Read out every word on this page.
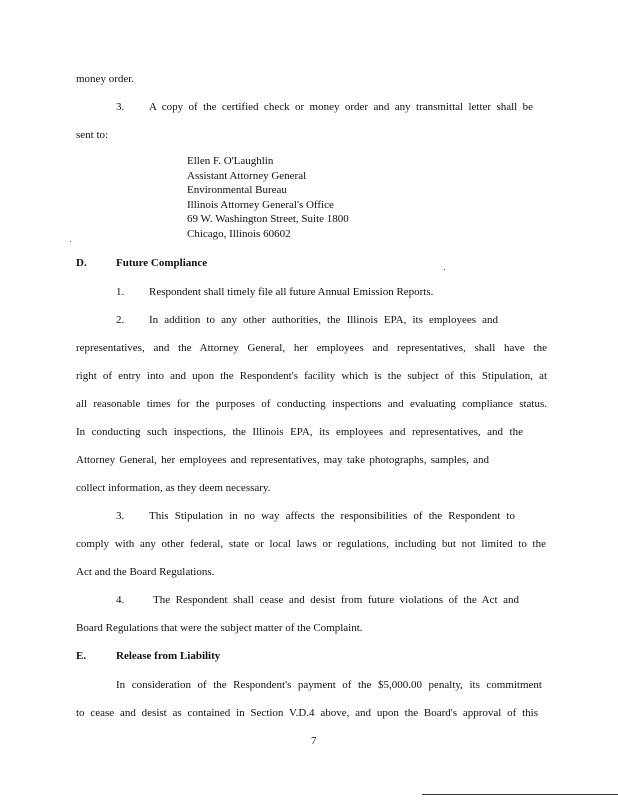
money order.
3. A copy of the certified check or money order and any transmittal letter shall be
sent to:
Ellen F. O'Laughlin
Assistant Attorney General
Environmental Bureau
Illinois Attorney General's Office
69 W. Washington Street, Suite 1800
Chicago, Illinois 60602
D.	Future Compliance
1. Respondent shall timely file all future Annual Emission Reports.
2. In addition to any other authorities, the Illinois EPA, its employees and
representatives, and the Attorney General, her employees and representatives, shall have the
right of entry into and upon the Respondent's facility which is the subject of this Stipulation, at
all reasonable times for the purposes of conducting inspections and evaluating compliance status.
In conducting such inspections, the Illinois EPA, its employees and representatives, and the
Attorney General, her employees and representatives, may take photographs, samples, and
collect information, as they deem necessary.
3. This Stipulation in no way affects the responsibilities of the Respondent to
comply with any other federal, state or local laws or regulations, including but not limited to the
Act and the Board Regulations.
4.	The Respondent shall cease and desist from future violations of the Act and
Board Regulations that were the subject matter of the Complaint.
E.	Release from Liability
In consideration of the Respondent's payment of the $5,000.00 penalty, its commitment
to cease and desist as contained in Section V.D.4 above, and upon the Board's approval of this
7
